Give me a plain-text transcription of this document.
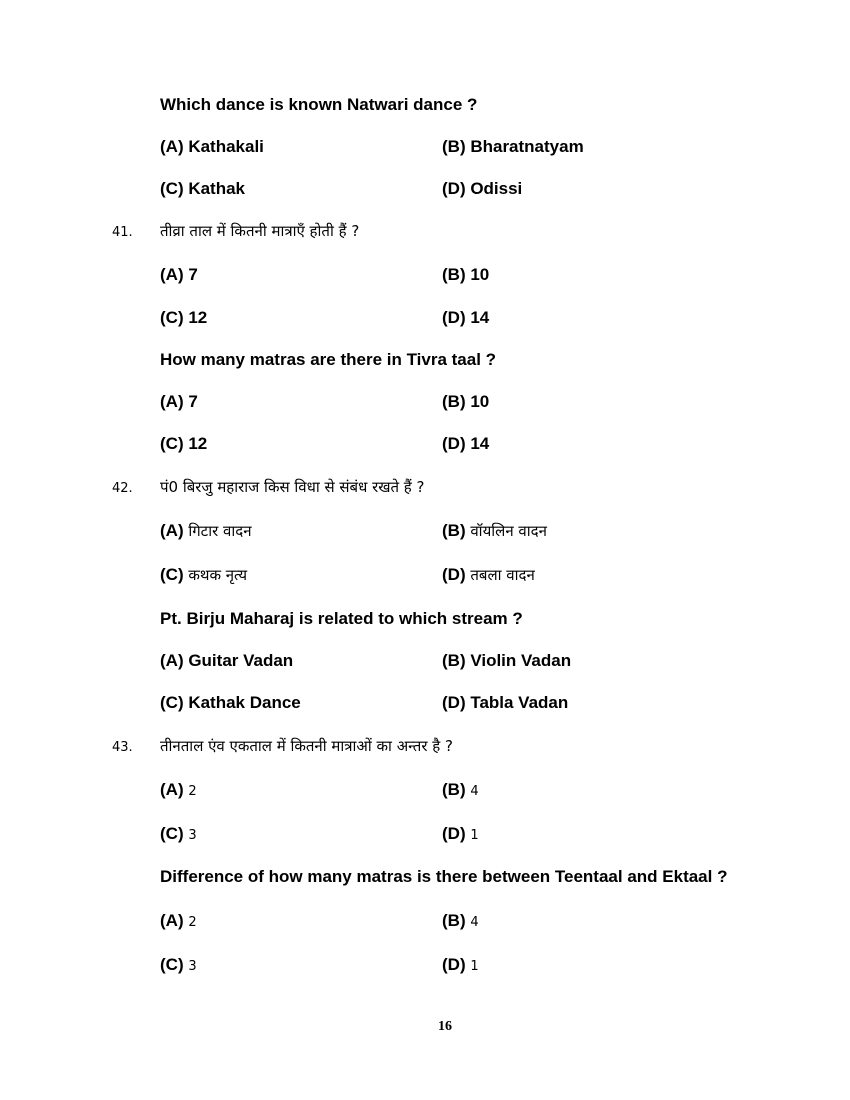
Which dance is known Natwari dance ?
(A) Kathakali	(B) Bharatnatyam
(C) Kathak	(D) Odissi
41. तीव्रा ताल में कितनी मात्राएँ होती हैं ?
(A) 7	(B) 10
(C) 12	(D) 14
How many matras are there in Tivra taal ?
(A) 7	(B) 10
(C) 12	(D) 14
42. पं0 बिरजु महाराज किस विधा से संबंध रखते हैं ?
(A) गिटार वादन	(B) वॉयलिन वादन
(C) कथक नृत्य	(D) तबला वादन
Pt. Birju Maharaj is related to which stream ?
(A) Guitar Vadan	(B) Violin Vadan
(C) Kathak Dance	(D) Tabla Vadan
43. तीनताल एंव एकताल में कितनी मात्राओं का अन्तर है ?
(A) 2	(B) 4
(C) 3	(D) 1
Difference of how many matras is there between Teentaal and Ektaal ?
(A) 2	(B) 4
(C) 3	(D) 1
16
